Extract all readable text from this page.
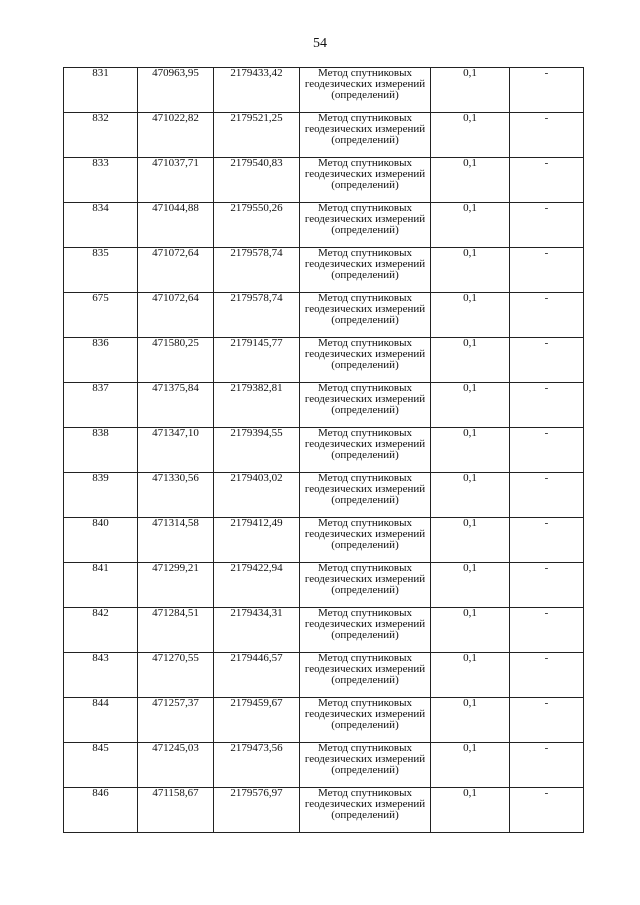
54
831	470963,95	2179433,42	Метод спутниковых
геодезических измерений
(определений)	0,1	-
832	471022,82	2179521,25	Метод спутниковых
геодезических измерений
(определений)	0,1	-
833	471037,71	2179540,83	Метод спутниковых
геодезических измерений
(определений)	0,1	-
834	471044,88	2179550,26	Метод спутниковых
геодезических измерений
(определений)	0,1	-
835	471072,64	2179578,74	Метод спутниковых
геодезических измерений
(определений)	0,1	-
675	471072,64	2179578,74	Метод спутниковых
геодезических измерений
(определений)	0,1	-
836	471580,25	2179145,77	Метод спутниковых
геодезических измерений
(определений)	0,1	-
837	471375,84	2179382,81	Метод спутниковых
геодезических измерений
(определений)	0,1	-
838	471347,10	2179394,55	Метод спутниковых
геодезических измерений
(определений)	0,1	-
839	471330,56	2179403,02	Метод спутниковых
геодезических измерений
(определений)	0,1	-
840	471314,58	2179412,49	Метод спутниковых
геодезических измерений
(определений)	0,1	-
841	471299,21	2179422,94	Метод спутниковых
геодезических измерений
(определений)	0,1	-
842	471284,51	2179434,31	Метод спутниковых
геодезических измерений
(определений)	0,1	-
843	471270,55	2179446,57	Метод спутниковых
геодезических измерений
(определений)	0,1	-
844	471257,37	2179459,67	Метод спутниковых
геодезических измерений
(определений)	0,1	-
845	471245,03	2179473,56	Метод спутниковых
геодезических измерений
(определений)	0,1	-
846	471158,67	2179576,97	Метод спутниковых
геодезических измерений
(определений)	0,1	-
